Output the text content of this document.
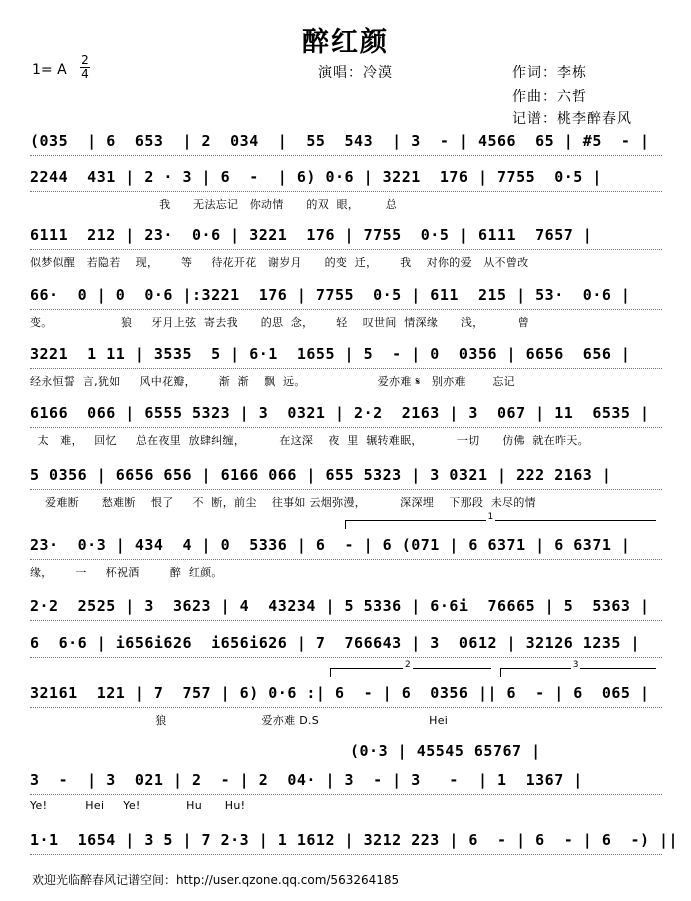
醉红颜
1= A
2
4	演唱：冷漠	作词：李栋
作曲：六哲
记谱：桃李醉春风
(035  | 6  653  | 2  034  |  55  543  | 3  - | 4566  65 | #5  - |
2244  431 | 2 · 3 | 6  -  | 6) 0·6 | 3221  176 | 7755  0·5 |
我      无法忘记   你动情      的双  眼，       总
6111  212 | 23·  0·6 | 3221  176 | 7755  0·5 | 6111  7657 |
似梦似醒   若隐若    现，      等     待花开花   谢岁月      的变  迁，      我    对你的爱   从不曾改
66·  0 | 0  0·6 |:3221  176 | 7755  0·5 | 611  215 | 53·  0·6 |
变。                  狼     牙月上弦  寄去我      的思  念，      轻    叹世间  情深缘      浅，         曾
3221  1 11 | 3535  5 | 6·1  1655 | 5  - | 0  0356 | 6656  656 |
经永恒誓  言,犹如     风中花瓣，      渐  渐    飘  远。                   爱亦难 𝄋   别亦难       忘记
6166  066 | 6555 5323 | 3  0321 | 2·2  2163 | 3  067 | 11  6535 |
太   难，   回忆     总在夜里  放肆纠缠，         在这深    夜  里  辗转难眠，         一切      仿佛  就在昨天。
5 0356 | 6656 656 | 6166 066 | 655 5323 | 3 0321 | 222 2163 |
爱难断      愁难断    恨了     不  断，前尘    往事如 云烟弥漫，         深深埋    下那段  未尽的情
23·  0·3 | 434  4 | 0  5336 | 6  - | 6 (071 | 6 6371 | 6 6371 |
缘，      一     杯祝酒        醉  红颜。
2·2  2525 | 3  3623 | 4  43234 | 5 5336 | 6·6i  76665 | 5  5363 |
6  6·6 | i656i626  i656i626 | 7  766643 | 3  0612 | 32126 1235 |
32161  121 | 7  757 | 6) 0·6 :| 6  - | 6  0356 || 6  - | 6  065 |
狼                         爱亦难 D.S                             Hei
3  -  | 3  021 | 2  - | 2  04· | 3  - | 3   -  | 1  1367 |
Ye!          Hei     Ye!            Hu      Hu!
1·1  1654 | 3 5 | 7 2·3 | 1 1612 | 3212 223 | 6  - | 6  - | 6  -) ||
(0·3 | 45545 65767 |
1
2	3
欢迎光临醉春风记谱空间：http://user.qzone.qq.com/563264185
